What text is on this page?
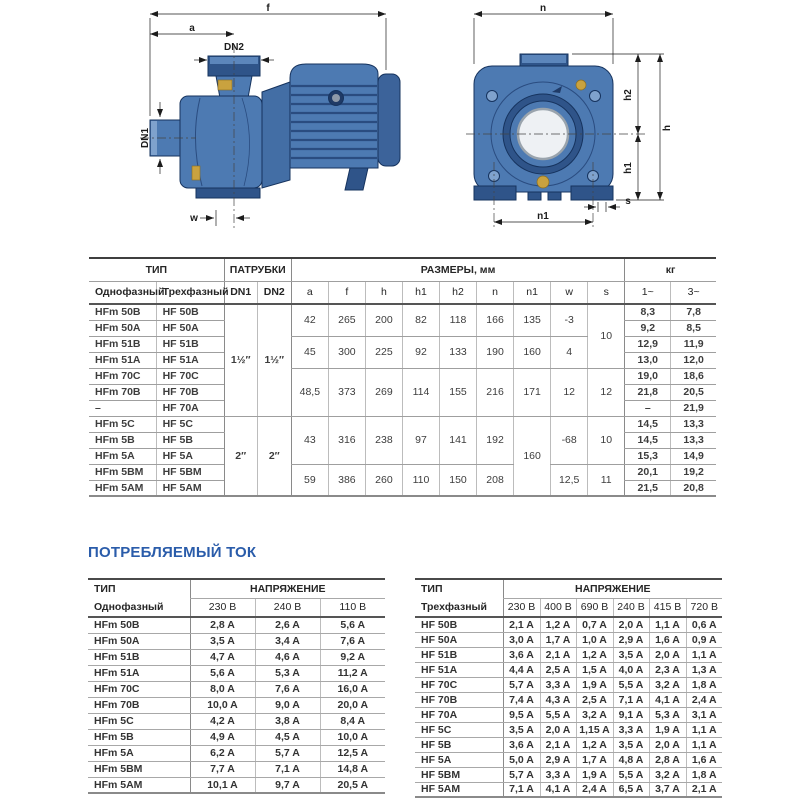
f
a
DN2
DN1
w
n
h2
h1
h
n1
s
ТИП		ПАТРУБКИ		РАЗМЕРЫ, мм									кг	
Однофазный	Трехфазный	DN1	DN2	a	f	h	h1	h2	n	n1	w	s	1~	3~
HFm 50B	HF 50B	1½″	1½″	42	265	200	82	118	166	135	-3	10	8,3	7,8
HFm 50A	HF 50A												9,2	8,5
HFm 51B	HF 51B			45	300	225	92	133	190	160	4		12,9	11,9
HFm 51A	HF 51A												13,0	12,0
HFm 70C	HF 70C			48,5	373	269	114	155	216	171	12	12	19,0	18,6
HFm 70B	HF 70B												21,8	20,5
–	HF 70A												–	21,9
HFm 5C	HF 5C	2″	2″	43	316	238	97	141	192	160	-68	10	14,5	13,3
HFm 5B	HF 5B												14,5	13,3
HFm 5A	HF 5A												15,3	14,9
HFm 5BM	HF 5BM			59	386	260	110	150	208		12,5	11	20,1	19,2
HFm 5AM	HF 5AM												21,5	20,8
ПОТРЕБЛЯЕМЫЙ ТОК
ТИП	НАПРЯЖЕНИЕ		
Однофазный	230 В	240 В	110 В
HFm 50B	2,8 A	2,6 A	5,6 A
HFm 50A	3,5 A	3,4 A	7,6 A
HFm 51B	4,7 A	4,6 A	9,2 A
HFm 51A	5,6 A	5,3 A	11,2 A
HFm 70C	8,0 A	7,6 A	16,0 A
HFm 70B	10,0 A	9,0 A	20,0 A
HFm 5C	4,2 A	3,8 A	8,4 A
HFm 5B	4,9 A	4,5 A	10,0 A
HFm 5A	6,2 A	5,7 A	12,5 A
HFm 5BM	7,7 A	7,1 A	14,8 A
HFm 5AM	10,1 A	9,7 A	20,5 A
ТИП	НАПРЯЖЕНИЕ					
Трехфазный	230 В	400 В	690 В	240 В	415 В	720 В
HF 50B	2,1 A	1,2 A	0,7 A	2,0 A	1,1 A	0,6 A
HF 50A	3,0 A	1,7 A	1,0 A	2,9 A	1,6 A	0,9 A
HF 51B	3,6 A	2,1 A	1,2 A	3,5 A	2,0 A	1,1 A
HF 51A	4,4 A	2,5 A	1,5 A	4,0 A	2,3 A	1,3 A
HF 70C	5,7 A	3,3 A	1,9 A	5,5 A	3,2 A	1,8 A
HF 70B	7,4 A	4,3 A	2,5 A	7,1 A	4,1 A	2,4 A
HF 70A	9,5 A	5,5 A	3,2 A	9,1 A	5,3 A	3,1 A
HF 5C	3,5 A	2,0 A	1,15 A	3,3 A	1,9 A	1,1 A
HF 5B	3,6 A	2,1 A	1,2 A	3,5 A	2,0 A	1,1 A
HF 5A	5,0 A	2,9 A	1,7 A	4,8 A	2,8 A	1,6 A
HF 5BM	5,7 A	3,3 A	1,9 A	5,5 A	3,2 A	1,8 A
HF 5AM	7,1 A	4,1 A	2,4 A	6,5 A	3,7 A	2,1 A
